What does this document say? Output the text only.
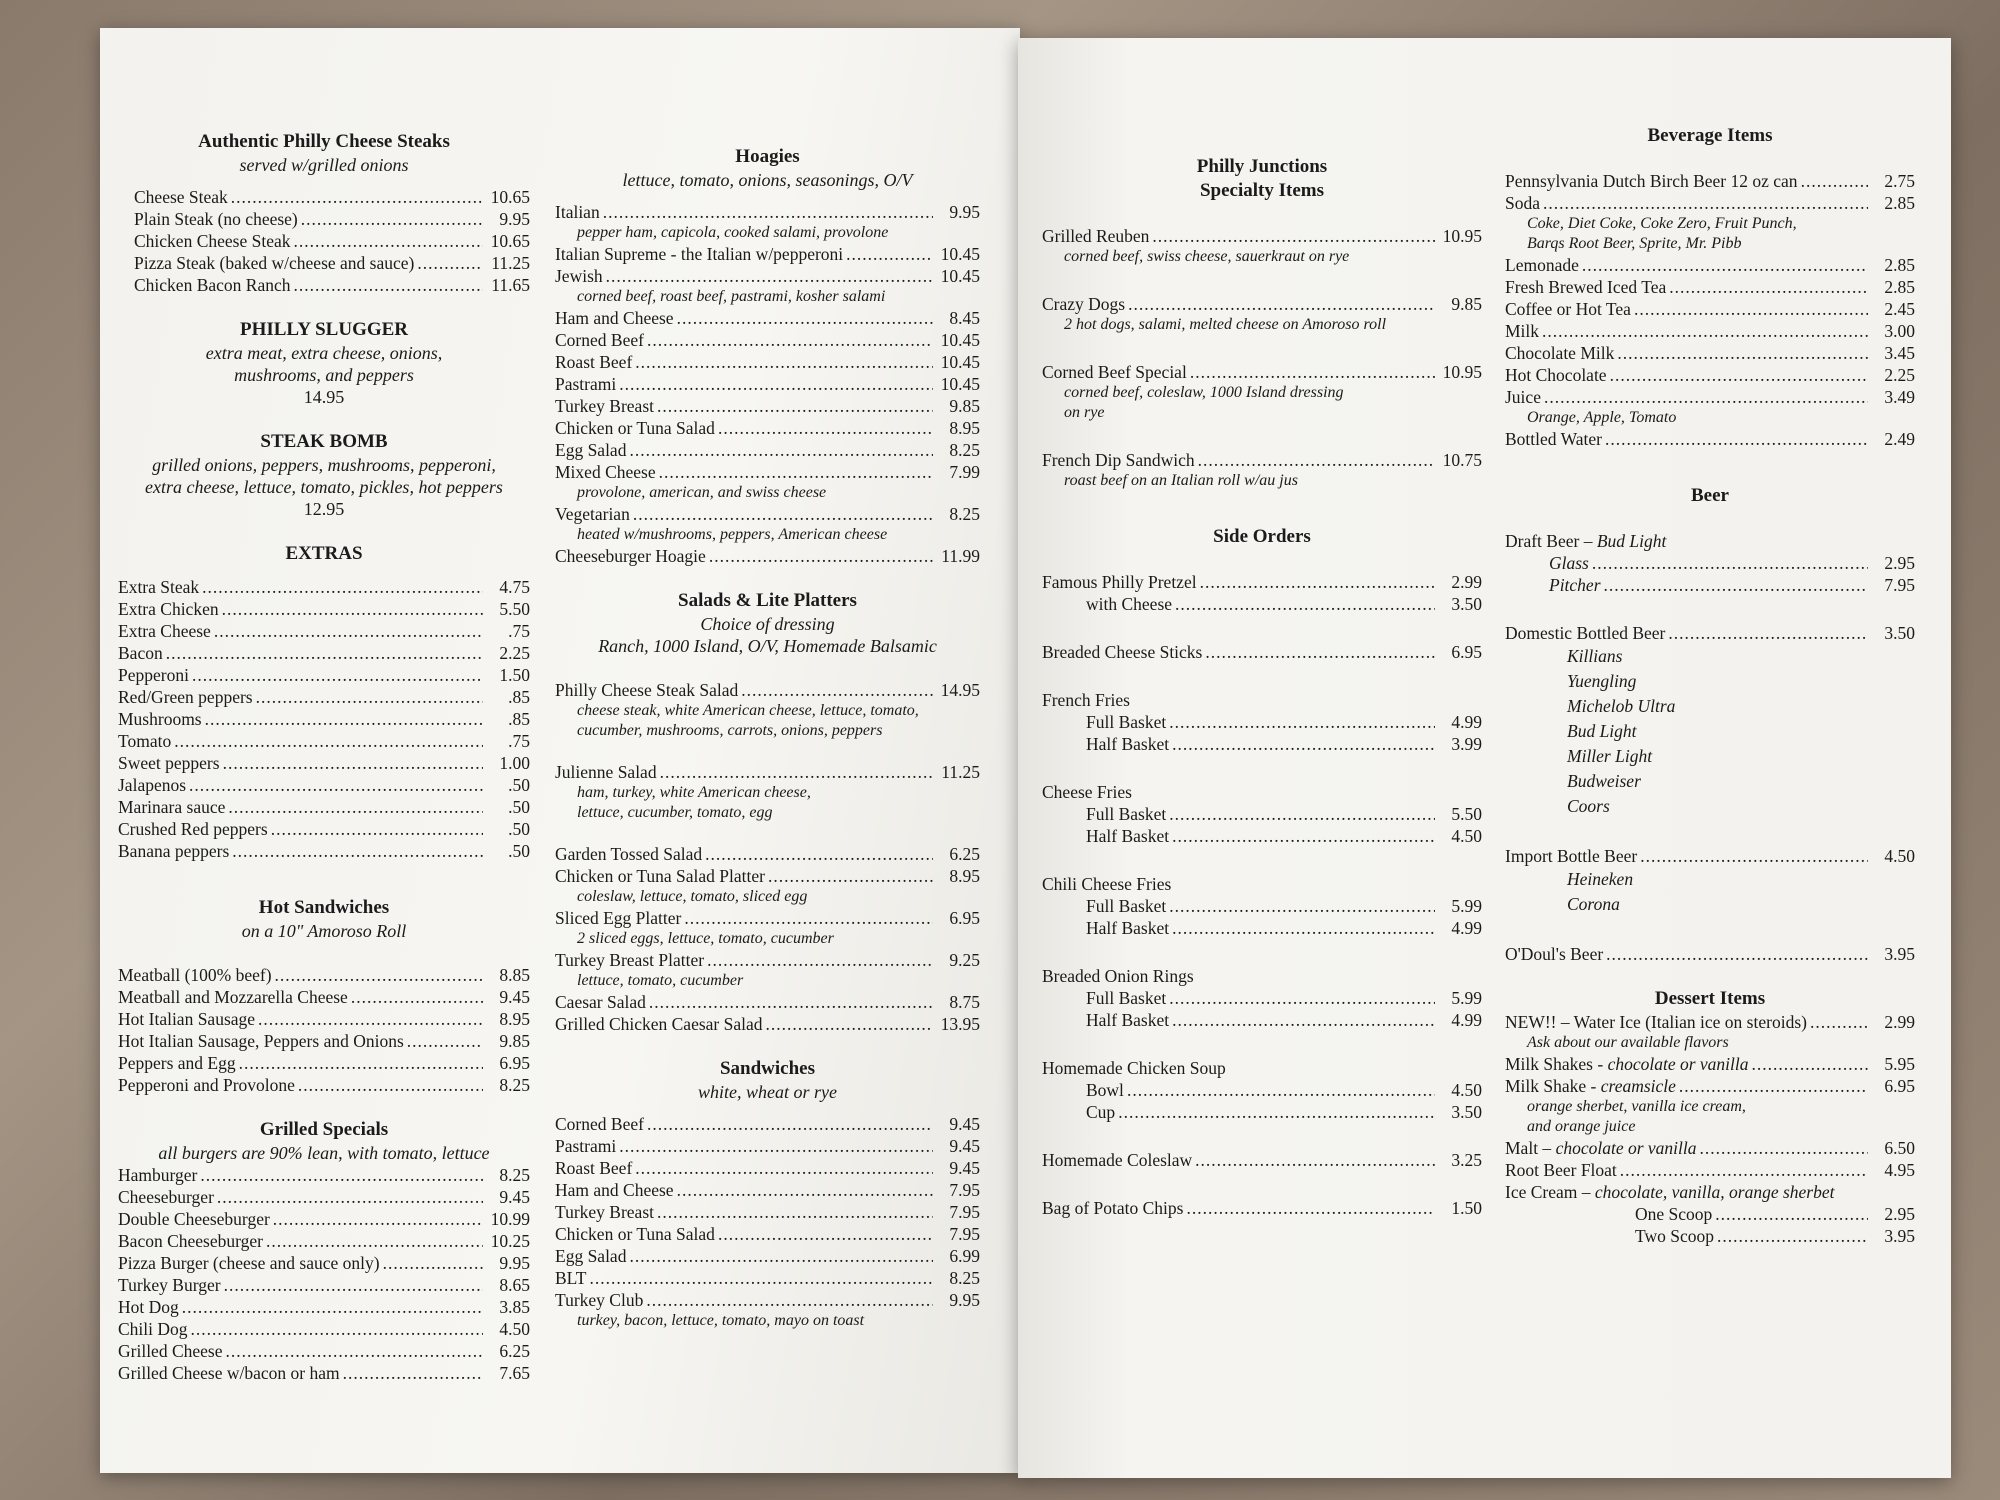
Authentic Philly Cheese Steaks

served w/grilled onions

Cheese Steak .....	10.65
Plain Steak (no cheese) .....	9.95
Chicken Cheese Steak .....	10.65
Pizza Steak (baked w/cheese and sauce) .....	11.25
Chicken Bacon Ranch .....	11.65

PHILLY SLUGGER

extra meat, extra cheese, onions,

mushrooms, and peppers

14.95

STEAK BOMB

grilled onions, peppers, mushrooms, pepperoni,

extra cheese, lettuce, tomato, pickles, hot peppers

12.95

EXTRAS

Extra Steak .....	4.75
Extra Chicken .....	5.50
Extra Cheese .....	.75
Bacon .....	2.25
Pepperoni .....	1.50
Red/Green peppers .....	.85
Mushrooms .....	.85
Tomato .....	.75
Sweet peppers .....	1.00
Jalapenos .....	.50
Marinara sauce .....	.50
Crushed Red peppers .....	.50
Banana peppers .....	.50

Hot Sandwiches

on a 10" Amoroso Roll

Meatball (100% beef) .....	8.85
Meatball and Mozzarella Cheese .....	9.45
Hot Italian Sausage .....	8.95
Hot Italian Sausage, Peppers and Onions .....	9.85
Peppers and Egg .....	6.95
Pepperoni and Provolone .....	8.25

Grilled Specials

all burgers are 90% lean, with tomato, lettuce

Hamburger .....	8.25
Cheeseburger .....	9.45
Double Cheeseburger .....	10.99
Bacon Cheeseburger .....	10.25
Pizza Burger (cheese and sauce only) .....	9.95
Turkey Burger .....	8.65
Hot Dog .....	3.85
Chili Dog .....	4.50
Grilled Cheese .....	6.25
Grilled Cheese w/bacon or ham .....	7.65

Hoagies

lettuce, tomato, onions, seasonings, O/V

Italian .....	9.95
pepper ham, capicola, cooked salami, provolone
Italian Supreme - the Italian w/pepperoni .....	10.45
Jewish .....	10.45
corned beef, roast beef, pastrami, kosher salami
Ham and Cheese .....	8.45
Corned Beef .....	10.45
Roast Beef .....	10.45
Pastrami .....	10.45
Turkey Breast .....	9.85
Chicken or Tuna Salad .....	8.95
Egg Salad .....	8.25
Mixed Cheese .....	7.99
provolone, american, and swiss cheese
Vegetarian .....	8.25
heated w/mushrooms, peppers, American cheese
Cheeseburger Hoagie .....	11.99

Salads & Lite Platters

Choice of dressing

Ranch, 1000 Island, O/V, Homemade Balsamic

Philly Cheese Steak Salad .....	14.95
cheese steak, white American cheese, lettuce, tomato,
cucumber, mushrooms, carrots, onions, peppers
Julienne Salad .....	11.25
ham, turkey, white American cheese,
lettuce, cucumber, tomato, egg
Garden Tossed Salad .....	6.25
Chicken or Tuna Salad Platter .....	8.95
coleslaw, lettuce, tomato, sliced egg
Sliced Egg Platter .....	6.95
2 sliced eggs, lettuce, tomato, cucumber
Turkey Breast Platter .....	9.25
lettuce, tomato, cucumber
Caesar Salad .....	8.75
Grilled Chicken Caesar Salad .....	13.95

Sandwiches

white, wheat or rye

Corned Beef .....	9.45
Pastrami .....	9.45
Roast Beef .....	9.45
Ham and Cheese .....	7.95
Turkey Breast .....	7.95
Chicken or Tuna Salad .....	7.95
Egg Salad .....	6.99
BLT .....	8.25
Turkey Club .....	9.95
turkey, bacon, lettuce, tomato, mayo on toast

Philly Junctions

Specialty Items

Grilled Reuben .....	10.95
corned beef, swiss cheese, sauerkraut on rye
Crazy Dogs .....	9.85
2 hot dogs, salami, melted cheese on Amoroso roll
Corned Beef Special .....	10.95
corned beef, coleslaw, 1000 Island dressing
on rye
French Dip Sandwich .....	10.75
roast beef on an Italian roll w/au jus

Side Orders

Famous Philly Pretzel .....	2.99
with Cheese .....	3.50
Breaded Cheese Sticks .....	6.95
French Fries
Full Basket .....	4.99
Half Basket .....	3.99
Cheese Fries
Full Basket .....	5.50
Half Basket .....	4.50
Chili Cheese Fries
Full Basket .....	5.99
Half Basket .....	4.99
Breaded Onion Rings
Full Basket .....	5.99
Half Basket .....	4.99
Homemade Chicken Soup
Bowl .....	4.50
Cup .....	3.50
Homemade Coleslaw .....	3.25
Bag of Potato Chips .....	1.50

Beverage Items

Pennsylvania Dutch Birch Beer 12 oz can .....	2.75
Soda .....	2.85
Coke, Diet Coke, Coke Zero, Fruit Punch,
Barqs Root Beer, Sprite, Mr. Pibb
Lemonade .....	2.85
Fresh Brewed Iced Tea .....	2.85
Coffee or Hot Tea .....	2.45
Milk .....	3.00
Chocolate Milk .....	3.45
Hot Chocolate .....	2.25
Juice .....	3.49
Orange, Apple, Tomato
Bottled Water .....	2.49

Beer

Draft Beer – Bud Light
Glass .....	2.95
Pitcher .....	7.95
Domestic Bottled Beer .....	3.50
Killians
Yuengling
Michelob Ultra
Bud Light
Miller Light
Budweiser
Coors
Import Bottle Beer .....	4.50
Heineken
Corona
O'Doul's Beer .....	3.95

Dessert Items

NEW!! – Water Ice (Italian ice on steroids) .....	2.99
Ask about our available flavors
Milk Shakes - chocolate or vanilla .....	5.95
Milk Shake - creamsicle .....	6.95
orange sherbet, vanilla ice cream,
and orange juice
Malt – chocolate or vanilla .....	6.50
Root Beer Float .....	4.95
Ice Cream – chocolate, vanilla, orange sherbet
One Scoop .....	2.95
Two Scoop .....	3.95
